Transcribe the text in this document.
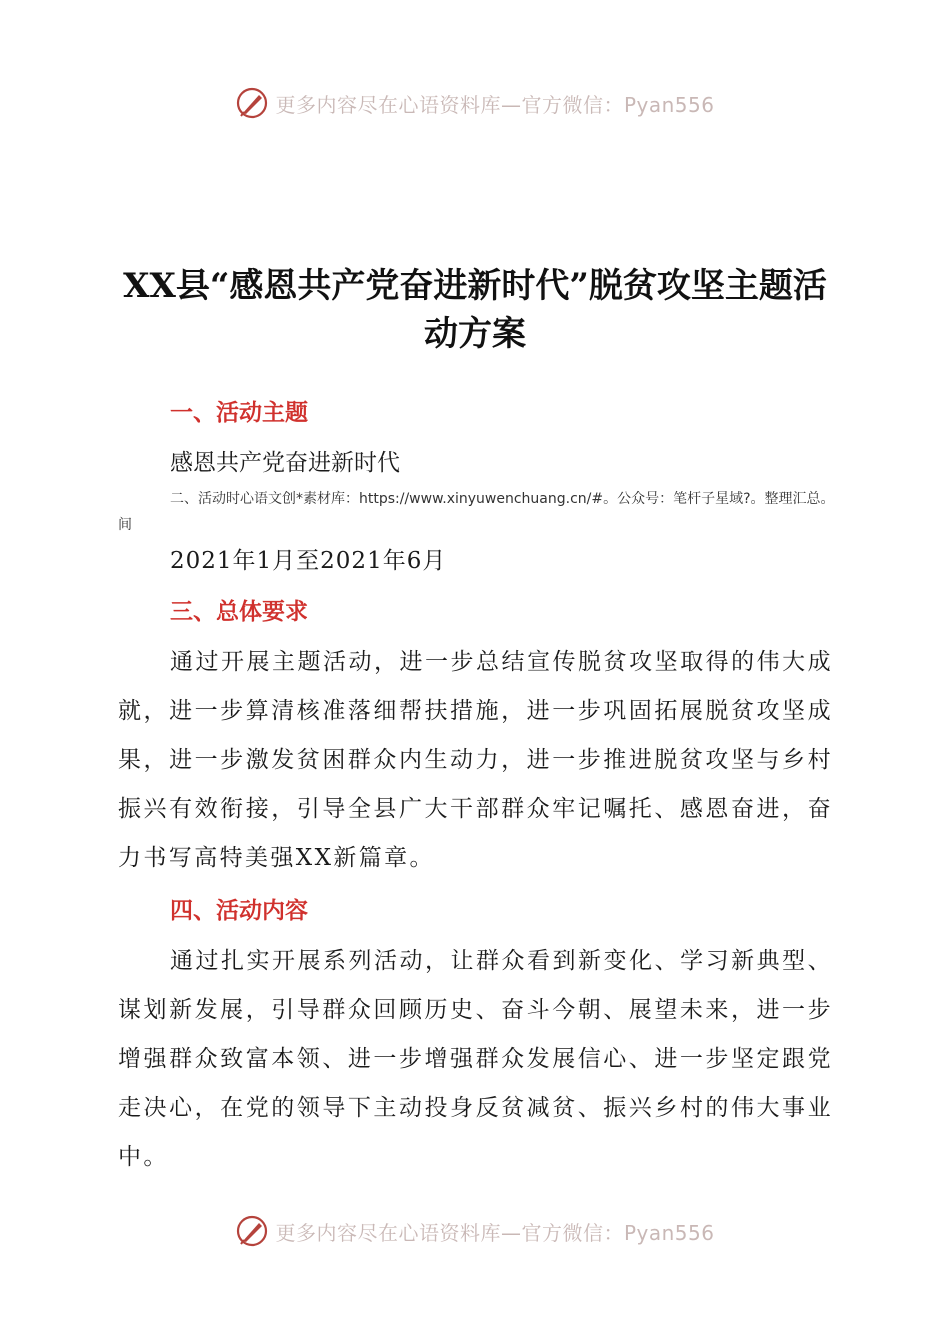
更多内容尽在心语资料库—官方微信：Pyan556
XX县“感恩共产党奋进新时代”脱贫攻坚主题活动方案
一、活动主题
感恩共产党奋进新时代
二、活动时心语文创*素材库：https://www.xinyuwenchuang.cn/#。公众号：笔杆子星域?。整理汇总。间
2021年1月至2021年6月
三、总体要求
通过开展主题活动，进一步总结宣传脱贫攻坚取得的伟大成就，进一步算清核准落细帮扶措施，进一步巩固拓展脱贫攻坚成果，进一步激发贫困群众内生动力，进一步推进脱贫攻坚与乡村振兴有效衔接，引导全县广大干部群众牢记嘱托、感恩奋进，奋力书写高特美强XX新篇章。
四、活动内容
通过扎实开展系列活动，让群众看到新变化、学习新典型、谋划新发展，引导群众回顾历史、奋斗今朝、展望未来，进一步增强群众致富本领、进一步增强群众发展信心、进一步坚定跟党走决心，在党的领导下主动投身反贫减贫、振兴乡村的伟大事业中。
更多内容尽在心语资料库—官方微信：Pyan556
